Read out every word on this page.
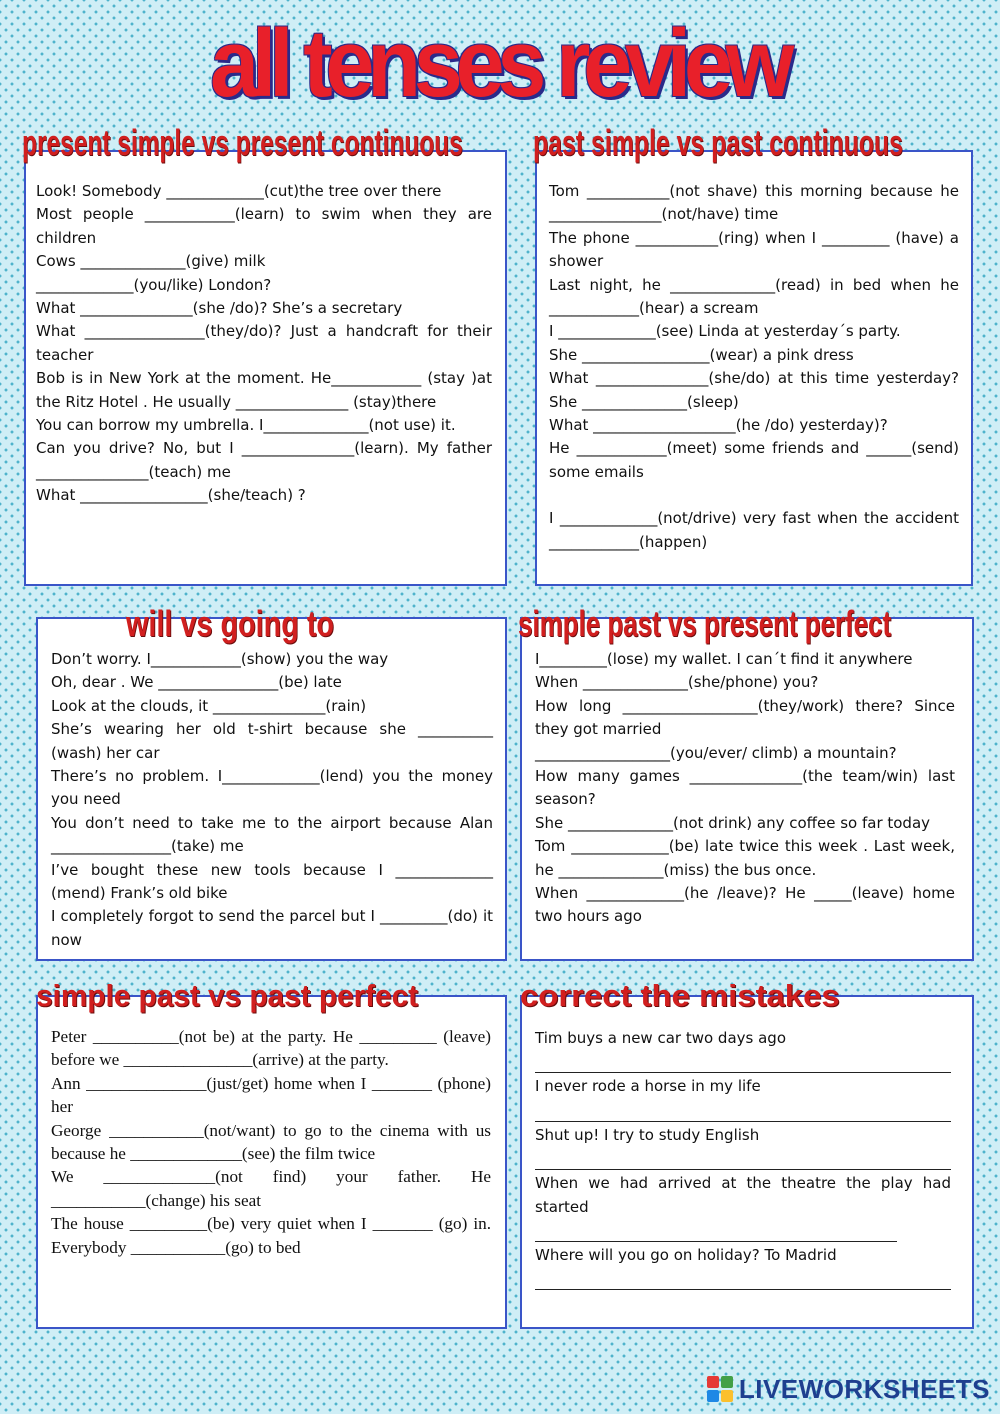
all tenses review
present simple vs present continuous

Look! Somebody _____________(cut)the tree over there

Most people ____________(learn) to swim when they are children

Cows ______________(give) milk

_____________(you/like) London?

What _______________(she /do)? She’s a secretary

What ________________(they/do)? Just a handcraft for their teacher

Bob is in New York at the moment. He____________ (stay )at the Ritz Hotel . He usually _______________ (stay)there

You can borrow my umbrella. I______________(not use) it.

Can you drive? No, but I _______________(learn). My father _______________(teach) me

What _________________(she/teach) ?

past simple vs past continuous

Tom ___________(not shave) this morning because he _______________(not/have) time

The phone ___________(ring) when I _________ (have) a shower

Last night, he ______________(read) in bed when he ____________(hear) a scream

I _____________(see) Linda at yesterday´s party.

She _________________(wear) a pink dress

What _______________(she/do) at this time yesterday? She ______________(sleep)

What ___________________(he /do) yesterday)?

He ____________(meet) some friends and ______(send) some emails

I _____________(not/drive) very fast when the accident ____________(happen)

will vs going to

Don’t worry. I____________(show) you the way

Oh, dear . We ________________(be) late

Look at the clouds, it _______________(rain)

She’s wearing her old t-shirt because she __________ (wash) her car

There’s no problem. I_____________(lend) you the money you need

You don’t need to take me to the airport because Alan ________________(take) me

I’ve bought these new tools because I _____________ (mend) Frank’s old bike

I completely forgot to send the parcel but I _________(do) it now

simple past vs present perfect

I_________(lose) my wallet. I can´t find it anywhere

When ______________(she/phone) you?

How long __________________(they/work) there? Since they got married

__________________(you/ever/ climb) a mountain?

How many games _______________(the team/win) last season?

She ______________(not drink) any coffee so far today

Tom _____________(be) late twice this week . Last week, he ______________(miss) the bus once.

When _____________(he /leave)? He _____(leave) home two hours ago

simple past vs past perfect

Peter __________(not be) at the party. He _________ (leave) before we _______________(arrive) at the party.

Ann ______________(just/get) home when I _______ (phone) her

George ___________(not/want) to go to the cinema with us because he _____________(see) the film twice

We _____________(not find) your father. He ___________(change) his seat

The house _________(be) very quiet when I _______ (go) in. Everybody ___________(go) to bed

correct the mistakes

Tim buys a new car two days ago

I never rode a horse in my life

Shut up! I try to study English

When we had arrived at the theatre the play had started

Where will you go on holiday? To Madrid

LIVEWORKSHEETS
